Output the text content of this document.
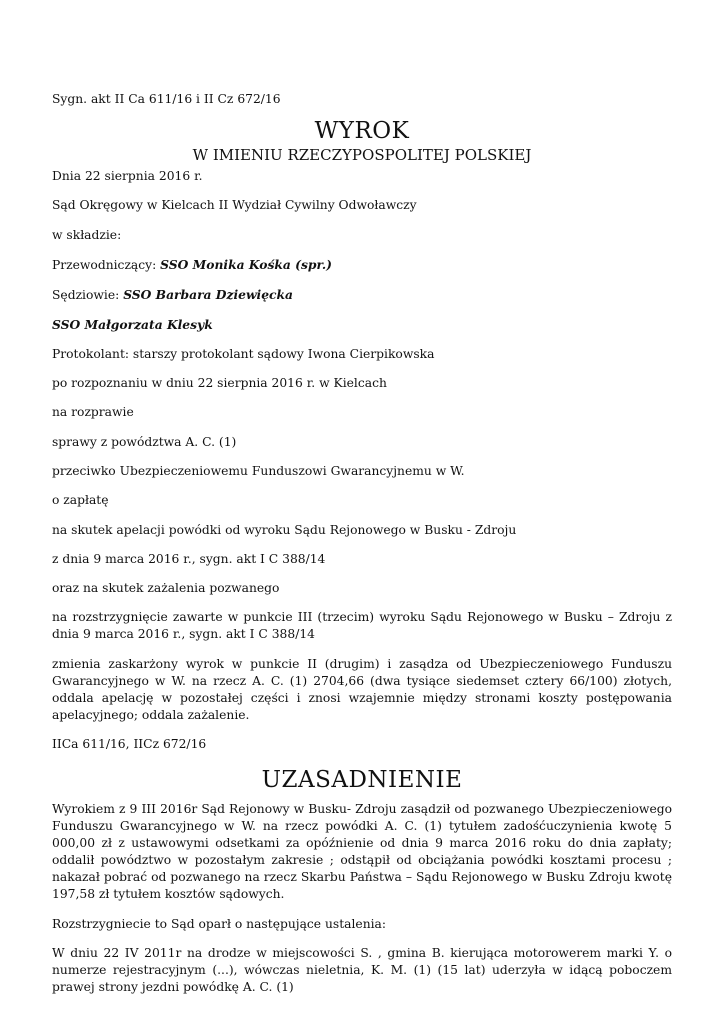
Sygn. akt II Ca 611/16 i II Cz 672/16

WYROK

W IMIENIU RZECZYPOSPOLITEJ POLSKIEJ

Dnia 22 sierpnia 2016 r.

Sąd Okręgowy w Kielcach II Wydział Cywilny Odwoławczy

w składzie:

Przewodniczący: SSO Monika Kośka (spr.)

Sędziowie: SSO Barbara Dziewięcka

SSO Małgorzata Klesyk

Protokolant: starszy protokolant sądowy Iwona Cierpikowska

po rozpoznaniu w dniu 22 sierpnia 2016 r. w Kielcach

na rozprawie

sprawy z powództwa A. C. (1)

przeciwko Ubezpieczeniowemu Funduszowi Gwarancyjnemu w W.

o zapłatę

na skutek apelacji powódki od wyroku Sądu Rejonowego w Busku - Zdroju

z dnia 9 marca 2016 r., sygn. akt I C 388/14

oraz na skutek zażalenia pozwanego

na rozstrzygnięcie zawarte w punkcie III (trzecim) wyroku Sądu Rejonowego w Busku – Zdroju z dnia 9 marca 2016 r., sygn. akt I C 388/14

zmienia zaskarżony wyrok w punkcie II (drugim) i zasądza od Ubezpieczeniowego Funduszu Gwarancyjnego w W. na rzecz A. C. (1) 2704,66 (dwa tysiące siedemset cztery 66/100) złotych, oddala apelację w pozostałej części i znosi wzajemnie między stronami koszty postępowania apelacyjnego; oddala zażalenie.

IICa 611/16, IICz 672/16

UZASADNIENIE

Wyrokiem z 9 III 2016r Sąd Rejonowy w Busku- Zdroju zasądził od pozwanego Ubezpieczeniowego Funduszu Gwarancyjnego w W. na rzecz powódki A. C. (1) tytułem zadośćuczynienia kwotę 5 000,00 zł z ustawowymi odsetkami za opóźnienie od dnia 9 marca 2016 roku do dnia zapłaty; oddalił powództwo w pozostałym zakresie ; odstąpił od obciążania powódki kosztami procesu ; nakazał pobrać od pozwanego na rzecz Skarbu Państwa – Sądu Rejonowego w Busku Zdroju kwotę 197,58 zł tytułem kosztów sądowych.

Rozstrzygniecie to Sąd oparł o następujące ustalenia:

W dniu 22 IV 2011r na drodze w miejscowości S. , gmina B. kierująca motorowerem marki Y. o numerze rejestracyjnym (...), wówczas nieletnia, K. M. (1) (15 lat) uderzyła w idącą poboczem prawej strony jezdni powódkę A. C. (1)
